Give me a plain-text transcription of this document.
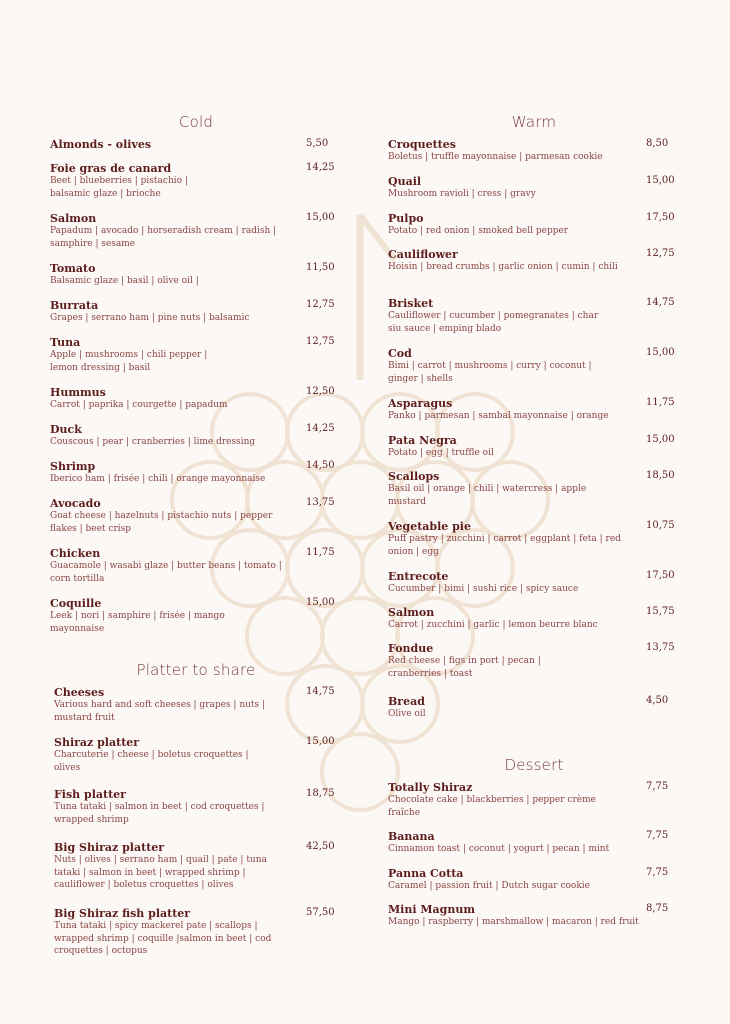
Cold
Almonds - olives	5,50
Foie gras de canard
Beet | blueberries | pistachio | balsamic glaze | brioche
14,25
Salmon
Papadum | avocado | horseradish cream | radish | samphire | sesame
15,00
Tomato
Balsamic glaze | basil | olive oil |
11,50
Burrata
Grapes | serrano ham | pine nuts | balsamic
12,75
Tuna
Apple | mushrooms | chili pepper | lemon dressing | basil
12,75
Hummus
Carrot | paprika | courgette | papadum
12,50
Duck
Couscous | pear | cranberries | lime dressing
14,25
Shrimp
Iberico ham | frisée | chili | orange mayonnaise
14,50
Avocado
Goat cheese | hazelnuts | pistachio nuts | pepper flakes | beet crisp
13,75
Chicken
Guacamole | wasabi glaze | butter beans | tomato | corn tortilla
11,75
Coquille
Leek | nori | samphire | frisée | mango mayonnaise
15,00
Platter to share
Cheeses
Various hard and soft cheeses | grapes | nuts | mustard fruit
14,75
Shiraz platter
Charcuterie | cheese | boletus croquettes | olives
15,00
Fish platter
Tuna tataki | salmon in beet | cod croquettes | wrapped shrimp
18,75
Big Shiraz platter
Nuts | olives | serrano ham | quail | pate | tuna tataki | salmon in beet | wrapped shrimp | cauliflower | boletus croquettes | olives
42,50
Big Shiraz fish platter
Tuna tataki | spicy mackerel pate | scallops | wrapped shrimp | coquille |salmon in beet | cod croquettes | octopus
57,50
Warm
Croquettes
Boletus | truffle mayonnaise | parmesan cookie
8,50
Quail
Mushroom ravioli | cress | gravy
15,00
Pulpo
Potato | red onion | smoked bell pepper
17,50
Cauliflower
Hoisin | bread crumbs | garlic onion | cumin | chili
12,75
Brisket
Cauliflower | cucumber | pomegranates | char siu sauce | emping blado
14,75
Cod
Bimi | carrot | mushrooms | curry | coconut | ginger | shells
15,00
Asparagus
Panko | parmesan | sambal mayonnaise | orange
11,75
Pata Negra
Potato | egg | truffle oil
15,00
Scallops
Basil oil | orange | chili | watercress | apple mustard
18,50
Vegetable pie
Puff pastry | zucchini | carrot | eggplant | feta | red onion | egg
10,75
Entrecote
Cucumber | bimi | sushi rice | spicy sauce
17,50
Salmon
Carrot | zucchini | garlic | lemon beurre blanc
15,75
Fondue
Red cheese | figs in port | pecan | cranberries | toast
13,75
Bread
Olive oil
4,50
Dessert
Totally Shiraz
Chocolate cake | blackberries | pepper crème fraîche
7,75
Banana
Cinnamon toast | coconut | yogurt | pecan | mint
7,75
Panna Cotta
Caramel | passion fruit | Dutch sugar cookie
7,75
Mini Magnum
Mango | raspberry | marshmallow | macaron | red fruit
8,75
